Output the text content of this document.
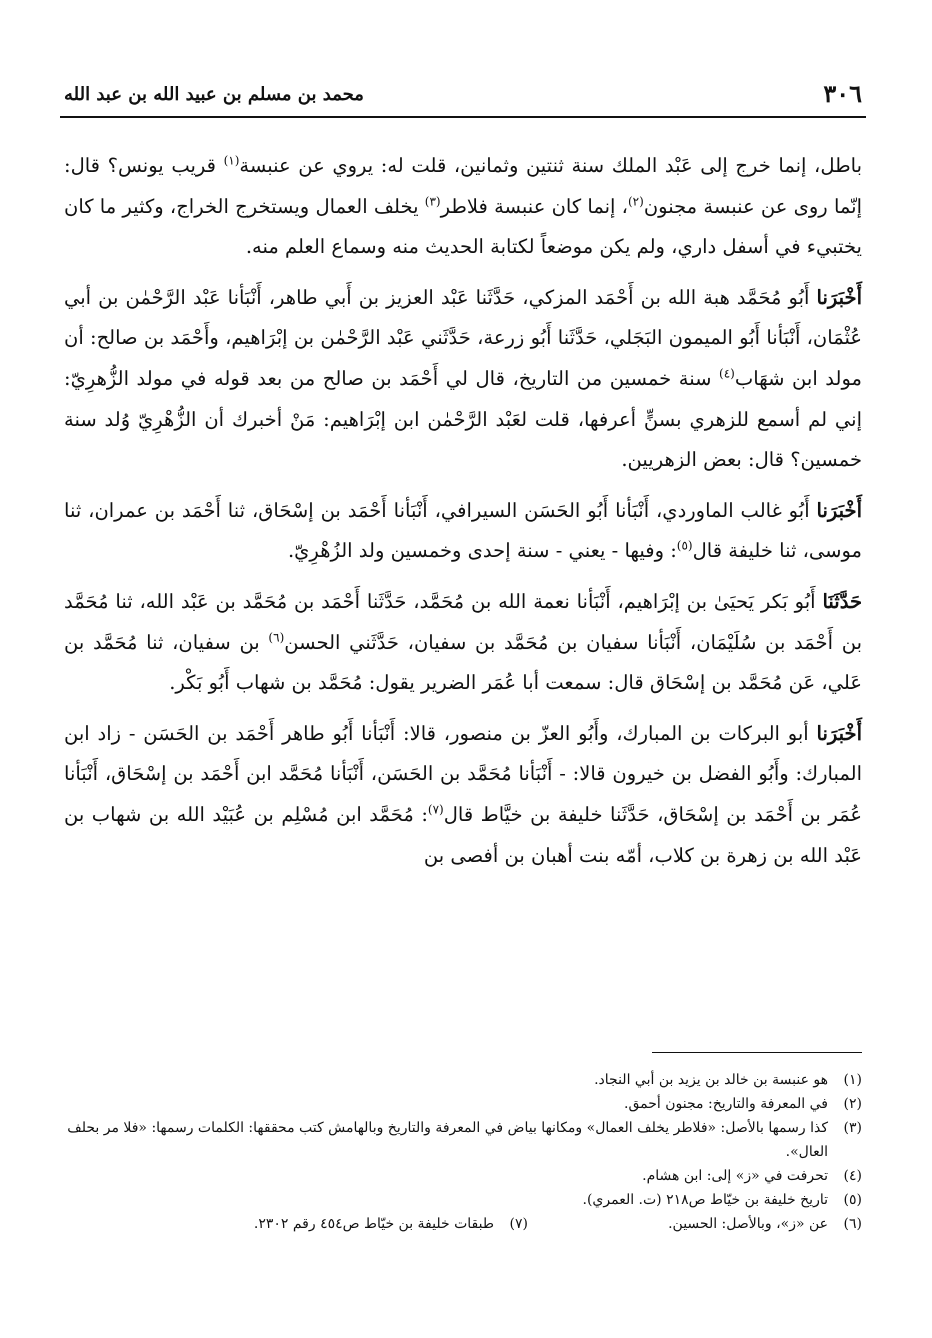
٣٠٦
محمد بن مسلم بن عبيد الله بن عبد الله

باطل، إنما خرج إلى عَبْد الملك سنة ثنتين وثمانين، قلت له: يروي عن عنبسة$^{(١)}$ قريب يونس؟ قال: إنّما روى عن عنبسة مجنون$^{(٢)}$، إنما كان عنبسة فلاطر$^{(٣)}$ يخلف العمال ويستخرج الخراج، وكثير ما كان يختبيء في أسفل داري، ولم يكن موضعاً لكتابة الحديث منه وسماع العلم منه.

أَخْبَرَنا أَبُو مُحَمَّد هبة الله بن أَحْمَد المزكي، حَدَّثَنا عَبْد العزيز بن أَبي طاهر، أَنْبَأنا عَبْد الرَّحْمٰن بن أبي عُثْمَان، أَنْبَأنا أَبُو الميمون البَجَلي، حَدَّثَنا أَبُو زرعة، حَدَّثَني عَبْد الرَّحْمٰن بن إبْرَاهيم، وأَحْمَد بن صالح: أن مولد ابن شهَاب$^{(٤)}$ سنة خمسين من التاريخ، قال لي أَحْمَد بن صالح من بعد قوله في مولد الزُّهرِيّ: إني لم أسمع للزهري بسنٍّ أعرفها، قلت لعَبْد الرَّحْمٰن ابن إبْرَاهيم: مَنْ أخبرك أن الزُّهْرِيّ وُلد سنة خمسين؟ قال: بعض الزهريين.

أَخْبَرَنا أَبُو غالب الماوردي، أَنْبَأنا أَبُو الحَسَن السيرافي، أَنْبَأنا أَحْمَد بن إسْحَاق، ثنا أَحْمَد بن عمران، ثنا موسى، ثنا خليفة قال$^{(٥)}$: وفيها - يعني - سنة إحدى وخمسين ولد الزُهْرِيّ.

حَدَّثَنَا أَبُو بَكر يَحيَىٰ بن إبْرَاهيم، أَنْبَأنا نعمة الله بن مُحَمَّد، حَدَّثَنا أَحْمَد بن مُحَمَّد بن عَبْد الله، ثنا مُحَمَّد بن أَحْمَد بن سُلَيْمَان، أَنْبَأنا سفيان بن مُحَمَّد بن سفيان، حَدَّثَني الحسن$^{(٦)}$ بن سفيان، ثنا مُحَمَّد بن عَلي، عَن مُحَمَّد بن إسْحَاق قال: سمعت أبا عُمَر الضرير يقول: مُحَمَّد بن شهاب أَبُو بَكْر.

أَخْبَرَنا أبو البركات بن المبارك، وأَبُو العزّ بن منصور، قالا: أَنْبَأنا أَبُو طاهر أَحْمَد بن الحَسَن - زاد ابن المبارك: وأَبُو الفضل بن خيرون قالا: - أَنْبَأنا مُحَمَّد بن الحَسَن، أَنْبَأنا مُحَمَّد ابن أَحْمَد بن إسْحَاق، أَنْبَأنا عُمَر بن أَحْمَد بن إسْحَاق، حَدَّثَنا خليفة بن خيَّاط قال$^{(٧)}$: مُحَمَّد ابن مُسْلِم بن عُبَيْد الله بن شهاب بن عَبْد الله بن زهرة بن كلاب، أمّه بنت أهبان بن أفصى بن

(١)
هو عنبسة بن خالد بن يزيد بن أبي النجاد.
(٢)
في المعرفة والتاريخ: مجنون أحمق.
(٣)
كذا رسمها بالأصل: «فلاطر يخلف العمال» ومكانها بياض في المعرفة والتاريخ وبالهامش كتب محققها: الكلمات رسمها: «فلا مر بحلف العال».
(٤)
تحرفت في «ز» إلى: ابن هشام.
(٥)
تاريخ خليفة بن خيّاط ص٢١٨ (ت. العمري).
(٦)
عن «ز»، وبالأصل: الحسين.
(٧)
طبقات خليفة بن خيّاط ص٤٥٤ رقم ٢٣٠٢.
